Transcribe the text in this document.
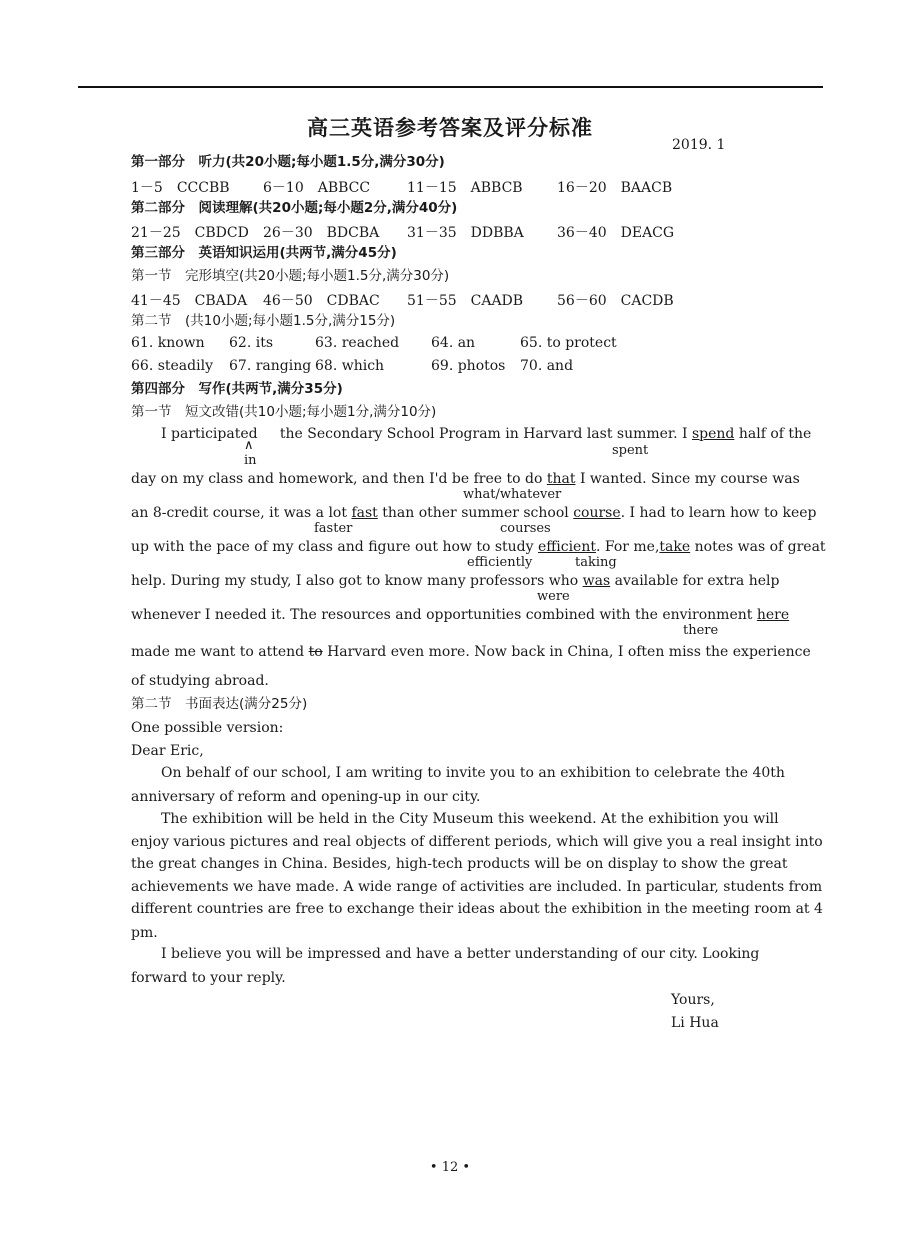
高三英语参考答案及评分标准
2019. 1
第一部分　听力(共20小题;每小题1.5分,满分30分)
1－5　CCCBB 6－10　ABBCC	11－15　ABBCB 16－20　BAACB
第二部分　阅读理解(共20小题;每小题2分,满分40分)
21－25　CBDCD 26－30　BDCBA 31－35　DDBBA 36－40　DEACG
第三部分　英语知识运用(共两节,满分45分)
第一节　完形填空(共20小题;每小题1.5分,满分30分)
41－45　CBADA 46－50　CDBAC 51－55　CAADB 56－60　CACDB
第二节　(共10小题;每小题1.5分,满分15分)
61. known 62. its	63. reached 64. an	65. to protect
66. steadily 67. ranging 68. which	69. photos 70. and
第四部分　写作(共两节,满分35分)
第一节　短文改错(共10小题;每小题1分,满分10分)
I participated the Secondary School Program in Harvard last summer. I spend half of the
∧
in
spent
day on my class and homework, and then I'd be free to do that I wanted. Since my course was
what/whatever
an 8-credit course, it was a lot fast than other summer school course. I had to learn how to keep
faster	courses
up with the pace of my class and figure out how to study efficient. For me,take notes was of great
efficiently	taking
help. During my study, I also got to know many professors who was available for extra help
were
whenever I needed it. The resources and opportunities combined with the environment here
there
made me want to attend to Harvard even more. Now back in China, I often miss the experience
of studying abroad.
第二节　书面表达(满分25分)
One possible version:
Dear Eric,
On behalf of our school, I am writing to invite you to an exhibition to celebrate the 40th
anniversary of reform and opening-up in our city.
The exhibition will be held in the City Museum this weekend. At the exhibition you will
enjoy various pictures and real objects of different periods, which will give you a real insight into
the great changes in China. Besides, high-tech products will be on display to show the great
achievements we have made. A wide range of activities are included. In particular, students from
different countries are free to exchange their ideas about the exhibition in the meeting room at 4
pm.
I believe you will be impressed and have a better understanding of our city. Looking
forward to your reply.
Yours,
Li Hua
• 12 •
